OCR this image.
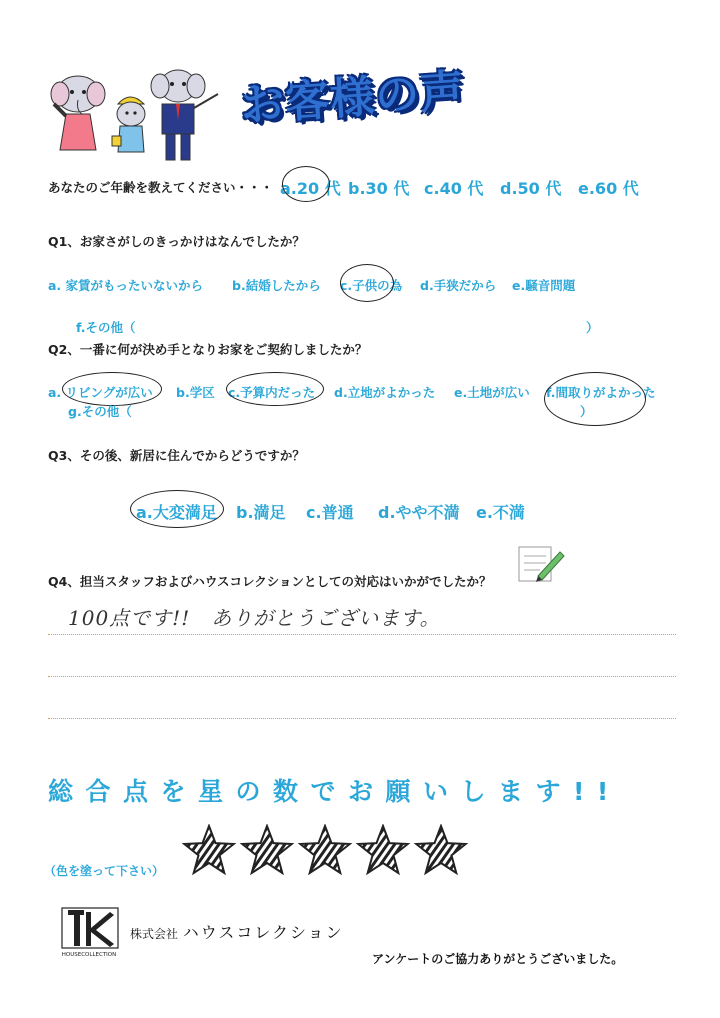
お客様の声
あなたのご年齢を教えてください・・・ a.20 代 b.30 代 c.40 代 d.50 代 e.60 代
Q1、お家さがしのきっかけはなんでしたか？
a. 家賃がもったいないから b.結婚したから c.子供の為 d.手狭だから e.騒音問題
f.その他（	）
Q2、一番に何が決め手となりお家をご契約しましたか？
a. リビングが広い b.学区 c.予算内だった d.立地がよかった e.土地が広い f.間取りがよかった
g.その他（	）
Q3、その後、新居に住んでからどうですか？
a.大変満足 b.満足 c.普通 d.やや不満 e.不満
Q4、担当スタッフおよびハウスコレクションとしての対応はいかがでしたか？
100点です!!　ありがとうございます。
総合点を星の数でお願いします!!
（色を塗って下さい）
HOUSECOLLECTION
株式会社 ハウスコレクション
アンケートのご協力ありがとうございました。
